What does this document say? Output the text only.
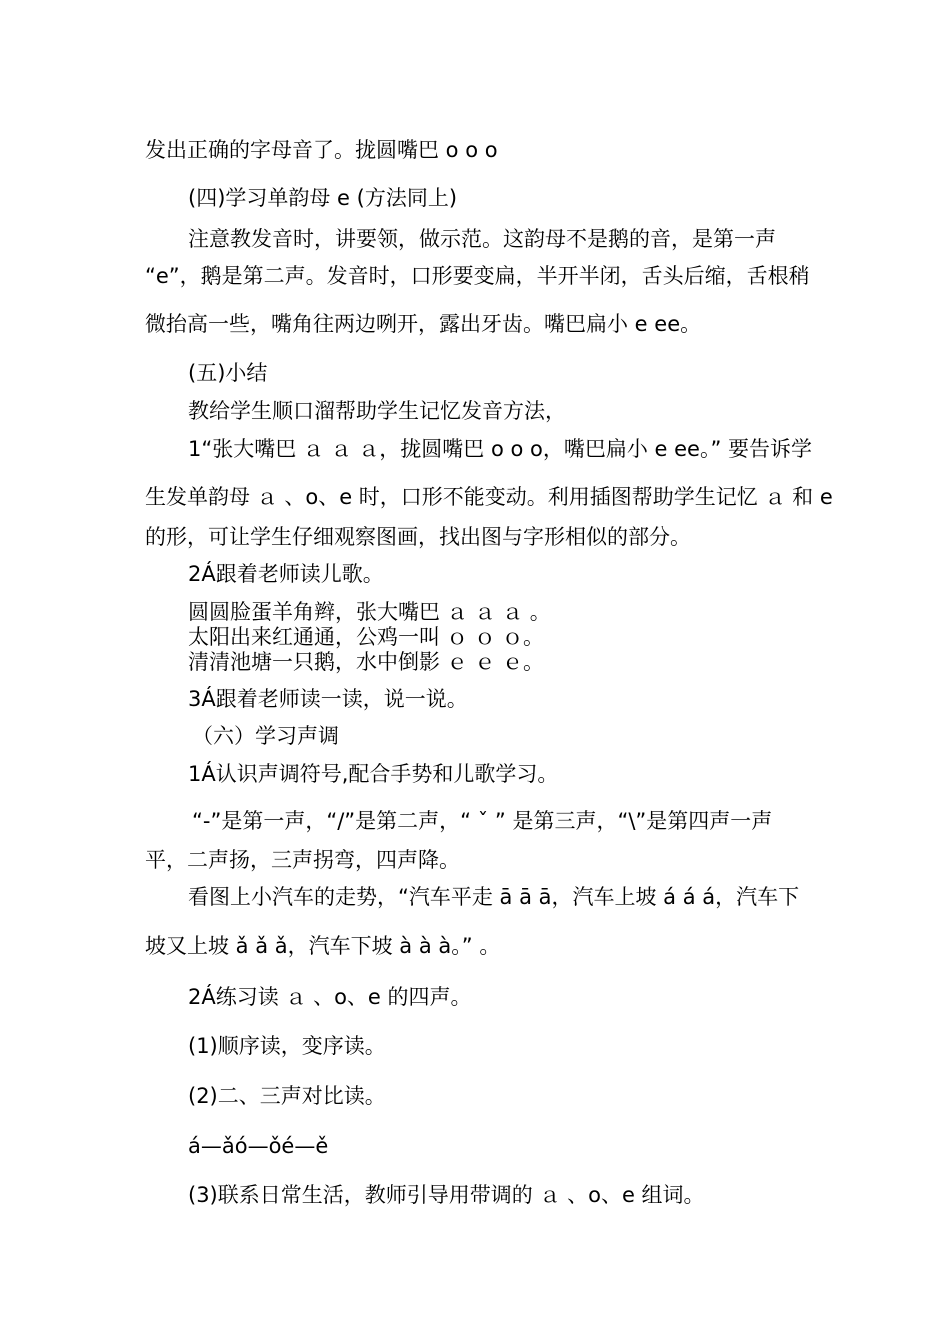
发出正确的字母音了。拢圆嘴巴 o o o
(四)学习单韵母 e (方法同上)
注意教发音时，讲要领，做示范。这韵母不是鹅的音，是第一声
“e”，鹅是第二声。发音时，口形要变扁，半开半闭，舌头后缩，舌根稍
微抬高一些，嘴角往两边咧开，露出牙齿。嘴巴扁小 e ee。
(五)小结
教给学生顺口溜帮助学生记忆发音方法，
1“张大嘴巴 ａ ａ ａ，拢圆嘴巴 o o o，嘴巴扁小 e ee。” 要告诉学
生发单韵母 ａ 、o、e 时，口形不能变动。利用插图帮助学生记忆 ａ 和 e
的形，可让学生仔细观察图画，找出图与字形相似的部分。
2Á跟着老师读儿歌。
圆圆脸蛋羊角辫，张大嘴巴 ａ ａ ａ 。
太阳出来红通通，公鸡一叫 ｏ ｏ ｏ。
清清池塘一只鹅，水中倒影 ｅ ｅ ｅ。
3Á跟着老师读一读，说一说。
（六）学习声调
1Á认识声调符号,配合手势和儿歌学习。
“-”是第一声，“/”是第二声，“ ˇ ” 是第三声，“\”是第四声一声
平，二声扬，三声拐弯，四声降。
看图上小汽车的走势，“汽车平走 ā ā ā，汽车上坡 á á á，汽车下
坡又上坡 ǎ ǎ ǎ，汽车下坡 à à à。” 。
2Á练习读 ａ 、o、e 的四声。
(1)顺序读，变序读。
(2)二、三声对比读。
á—ǎó—ǒé—ě
(3)联系日常生活，教师引导用带调的 ａ 、o、e 组词。
